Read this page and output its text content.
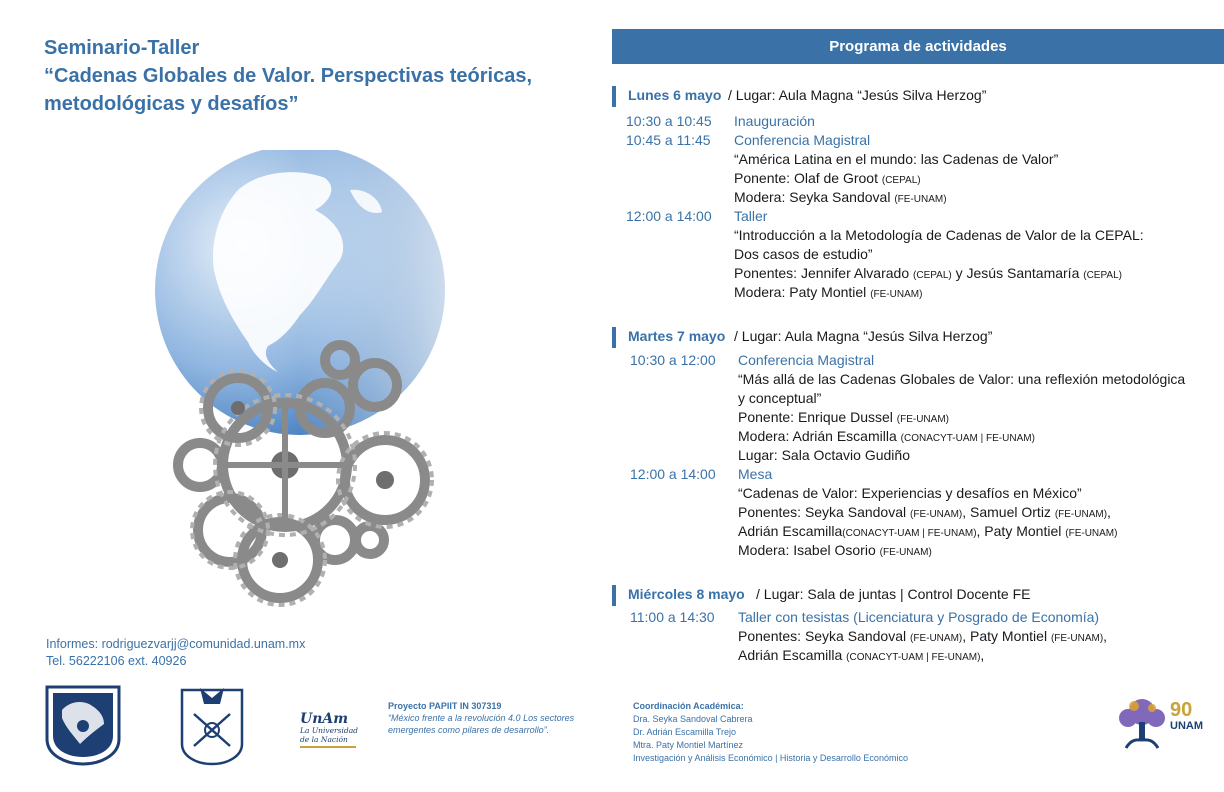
Seminario-Taller
“Cadenas Globales de Valor. Perspectivas teóricas,
metodológicas y desafíos”
Informes: rodriguezvarjj@comunidad.unam.mx
Tel. 56222106 ext. 40926
UnAm
La Universidad de la Nación
Proyecto PAPIIT IN 307319
“México frente a la revolución 4.0 Los sectores emergentes como pilares de desarrollo”.
Coordinación Académica:
Dra. Seyka Sandoval Cabrera
Dr. Adrián Escamilla Trejo
Mtra. Paty Montiel Martínez
Investigación y Análisis Económico | Historia y Desarrollo Económico
90
UNAM
Programa de actividades
Lunes 6 mayo / Lugar: Aula Magna “Jesús Silva Herzog”
10:30 a 10:45 Inauguración
10:45 a 11:45 Conferencia Magistral
“América Latina en el mundo: las Cadenas de Valor”
Ponente: Olaf de Groot (CEPAL)
Modera: Seyka Sandoval (FE-UNAM)
12:00 a 14:00 Taller
“Introducción a la Metodología de Cadenas de Valor de la CEPAL:
Dos casos de estudio”
Ponentes: Jennifer Alvarado (CEPAL) y Jesús Santamaría (CEPAL)
Modera: Paty Montiel (FE-UNAM)
Martes 7 mayo / Lugar: Aula Magna “Jesús Silva Herzog”
10:30 a 12:00 Conferencia Magistral
“Más allá de las Cadenas Globales de Valor: una reflexión metodológica
y conceptual”
Ponente: Enrique Dussel (FE-UNAM)
Modera: Adrián Escamilla (CONACYT-UAM | FE-UNAM)
Lugar: Sala Octavio Gudiño
12:00 a 14:00 Mesa
“Cadenas de Valor: Experiencias y desafíos en México”
Ponentes: Seyka Sandoval (FE-UNAM), Samuel Ortiz (FE-UNAM),
Adrián Escamilla(CONACYT-UAM | FE-UNAM), Paty Montiel (FE-UNAM)
Modera: Isabel Osorio (FE-UNAM)
Miércoles 8 mayo / Lugar: Sala de juntas | Control Docente FE
11:00 a 14:30 Taller con tesistas (Licenciatura y Posgrado de Economía)
Ponentes: Seyka Sandoval (FE-UNAM), Paty Montiel (FE-UNAM),
Adrián Escamilla (CONACYT-UAM | FE-UNAM),
